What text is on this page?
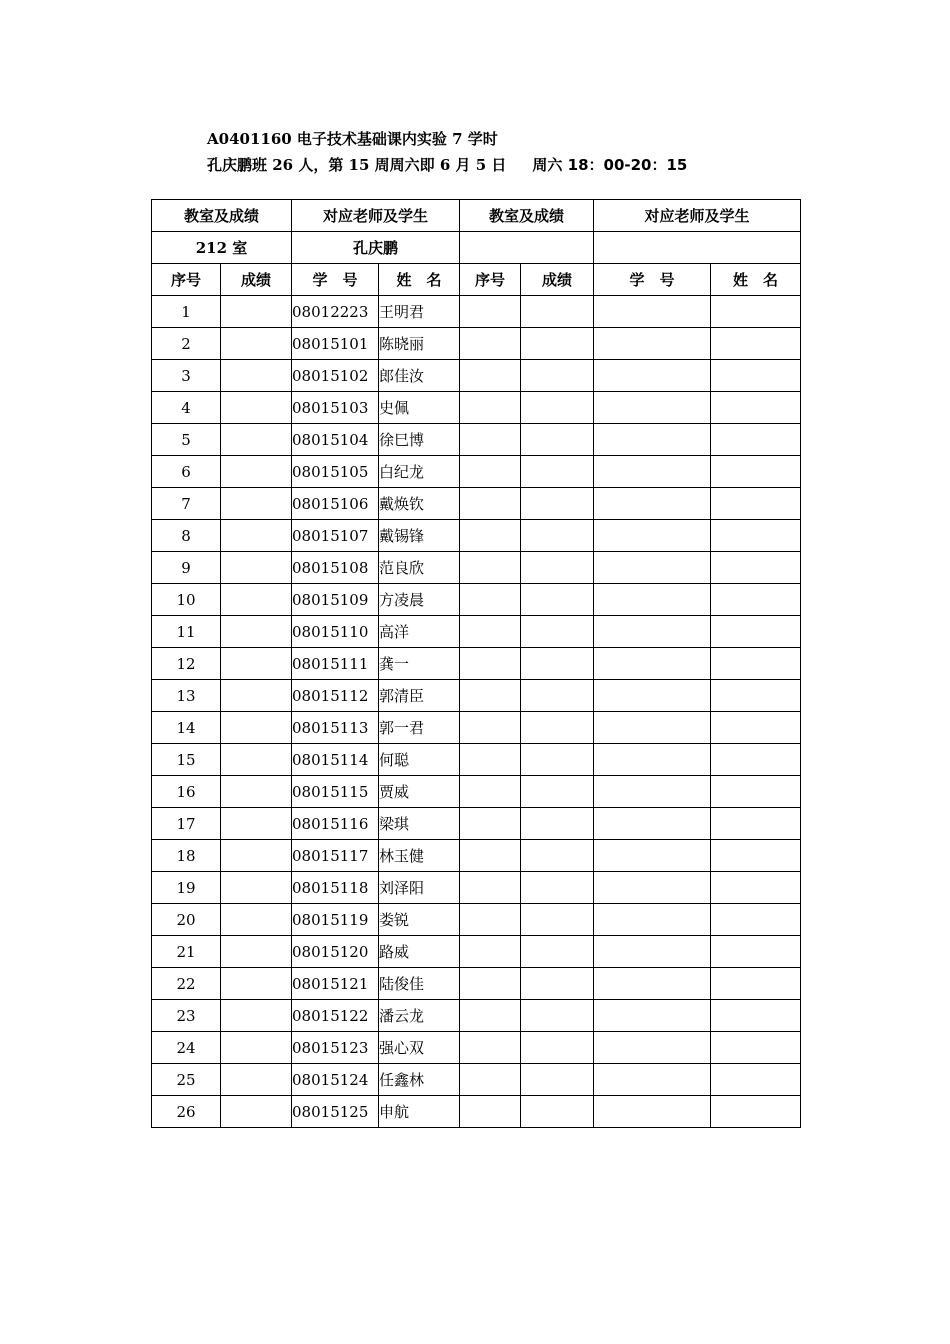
A0401160 电子技术基础课内实验 7 学时
孔庆鹏班 26 人，第 15 周周六即 6 月 5 日 周六 18：00-20：15
教室及成绩		对应老师及学生		教室及成绩		对应老师及学生	
212 室		孔庆鹏					
序号	成绩	学　号	姓　名	序号	成绩	学　号	姓　名
1		08012223	王明君				
2		08015101	陈晓丽				
3		08015102	郎佳汝				
4		08015103	史佩				
5		08015104	徐巳博				
6		08015105	白纪龙				
7		08015106	戴焕钦				
8		08015107	戴锡锋				
9		08015108	范良欣				
10		08015109	方凌晨				
11		08015110	高洋				
12		08015111	龚一				
13		08015112	郭清臣				
14		08015113	郭一君				
15		08015114	何聪				
16		08015115	贾威				
17		08015116	梁琪				
18		08015117	林玉健				
19		08015118	刘泽阳				
20		08015119	娄锐				
21		08015120	路威				
22		08015121	陆俊佳				
23		08015122	潘云龙				
24		08015123	强心双				
25		08015124	任鑫林				
26		08015125	申航				
